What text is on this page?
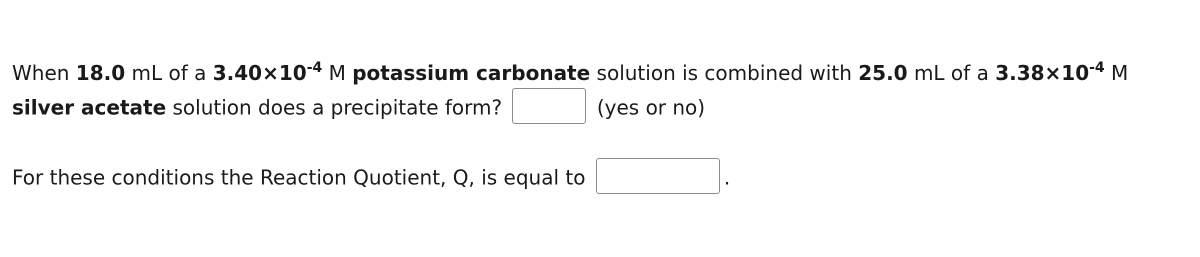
When 18.0 mL of a $3.40\times 10^{-4}$ M potassium carbonate solution is combined with 25.0 mL of a $3.38\times 10^{-4}$ M
silver acetate solution does a precipitate form?	(yes or no)
For these conditions the Reaction Quotient, Q, is equal to	.
